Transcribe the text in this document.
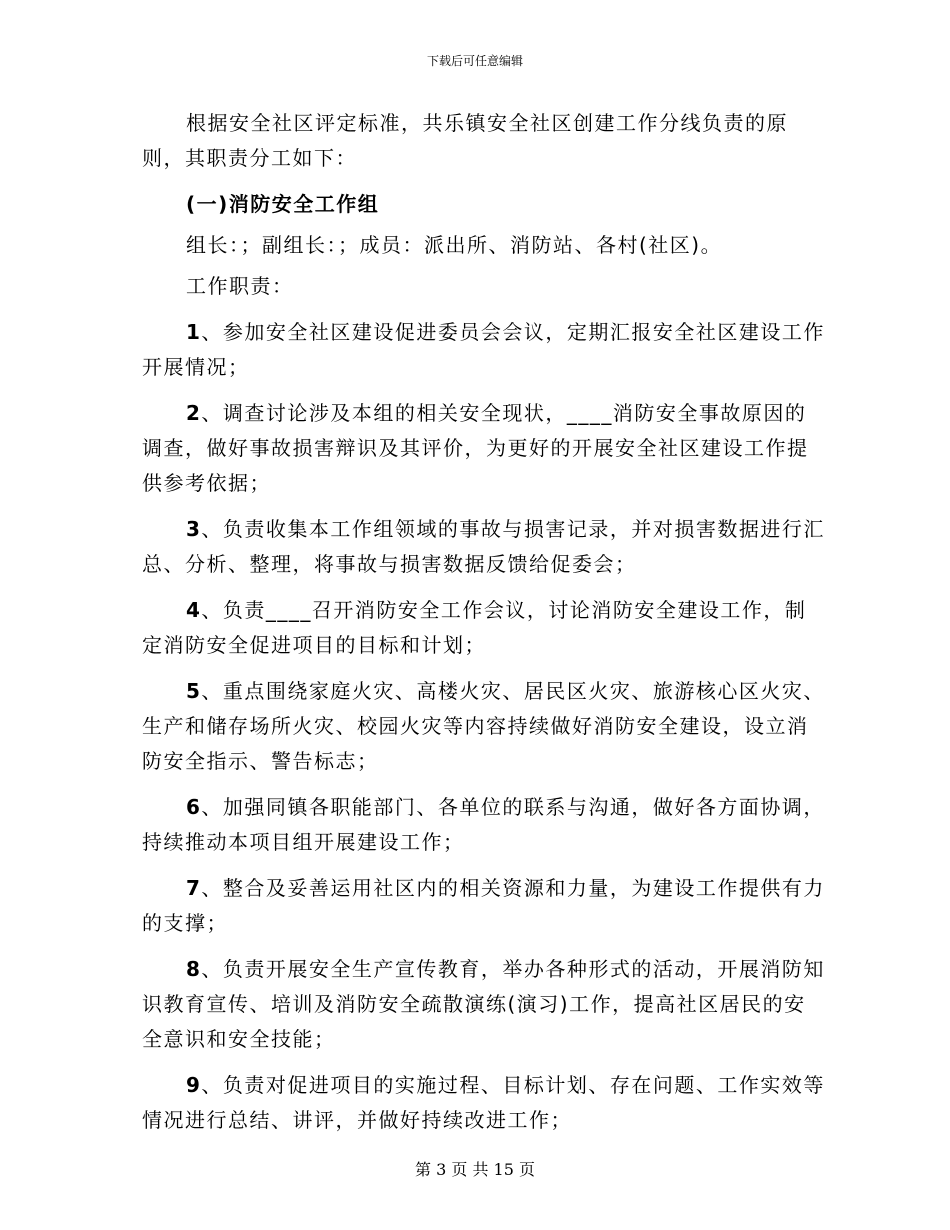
下载后可任意编辑

根据安全社区评定标准，共乐镇安全社区创建工作分线负责的原则，其职责分工如下：

(一)消防安全工作组

组长：；副组长：；成员：派出所、消防站、各村(社区)。

工作职责：

1、参加安全社区建设促进委员会会议，定期汇报安全社区建设工作开展情况；

2、调查讨论涉及本组的相关安全现状，____消防安全事故原因的调查，做好事故损害辩识及其评价，为更好的开展安全社区建设工作提供参考依据；

3、负责收集本工作组领域的事故与损害记录，并对损害数据进行汇总、分析、整理，将事故与损害数据反馈给促委会；

4、负责____召开消防安全工作会议，讨论消防安全建设工作，制定消防安全促进项目的目标和计划；

5、重点围绕家庭火灾、高楼火灾、居民区火灾、旅游核心区火灾、生产和储存场所火灾、校园火灾等内容持续做好消防安全建设，设立消防安全指示、警告标志；

6、加强同镇各职能部门、各单位的联系与沟通，做好各方面协调，持续推动本项目组开展建设工作；

7、整合及妥善运用社区内的相关资源和力量，为建设工作提供有力的支撑；

8、负责开展安全生产宣传教育，举办各种形式的活动，开展消防知识教育宣传、培训及消防安全疏散演练(演习)工作，提高社区居民的安全意识和安全技能；

9、负责对促进项目的实施过程、目标计划、存在问题、工作实效等情况进行总结、讲评，并做好持续改进工作；

第 3 页 共 15 页
